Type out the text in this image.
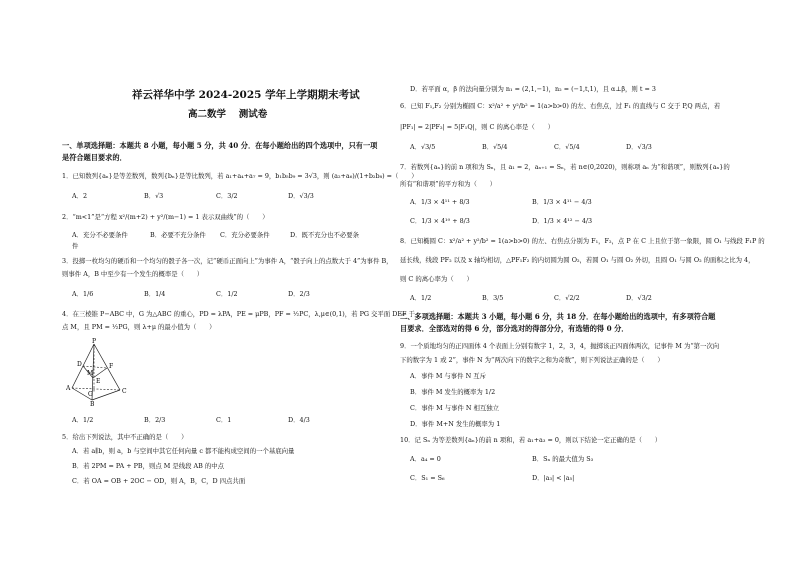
祥云祥华中学 2024-2025 学年上学期期末考试
高二数学　 测试卷
一、单项选择题：本题共 8 小题，每小题 5 分，共 40 分．在每小题给出的四个选项中，只有一项
是符合题目要求的．
1．已知数列{aₙ}是等差数列，数列{bₙ}是等比数列，若 a₁+a₄+a₇ = 9，b₁b₅b₉ = 3√3，则 (a₂+a₆)/(1+b₂b₈) =（　　）
A．2	B．√3	C．3/2	D．√3/3
2．“m<1”是“方程 x²/(m+2) + y²/(m−1) = 1 表示双曲线”的（　　）
A．充分不必要条件	B．必要不充分条件 C．充分必要条件	D．既不充分也不必要条
件
3．投掷一枚均匀的硬币和一个均匀的骰子各一次，记“硬币正面向上”为事件 A，“骰子向上的点数大于 4”为事件 B，
则事件 A，B 中至少有一个发生的概率是（　　）
A．1/6	B．1/4	C．1/2	D．2/3
4．在三棱锥 P−ABC 中，G 为△ABC 的重心，PD = λPA，PE = μPB，PF = ½PC，λ,μ∈(0,1)，若 PG 交平面 DEF 于
点 M，且 PM = ½PG，则 λ+μ 的最小值为（　　）
P
D
E
F
M
A
G	C
B
A．1/2	B．2/3	C．1	D．4/3
5．给出下列说法，其中不正确的是（　　）
A．若 a∥b，则 a，b 与空间中其它任何向量 c 都不能构成空间的一个基底向量
B．若 2PM = PA + PB，则点 M 是线段 AB 的中点
C．若 OA = OB + 2OC − OD，则 A，B，C，D 四点共面
D．若平面 α，β 的法向量分别为 n₁ = (2,1,−1)，n₂ = (−1,t,1)，且 α⊥β，则 t = 3
6．已知 F₁,F₂ 分别为椭圆 C：x²/a² + y²/b² = 1(a>b>0) 的左、右焦点，过 F₁ 的直线与 C 交于 P,Q 两点，若
|PF₁| = 2|PF₂| = 5|F₁Q|，则 C 的离心率是（　　）
A．√3/5	B．√5/4	C．√5/4	D．√3/3
7．若数列{aₙ}的前 n 项和为 Sₙ，且 a₁ = 2，aₙ₊₁ = Sₙ，若 n∈(0,2020)，则称项 aₙ 为“和谐项”，则数列{aₙ}的
所有“和谐项”的平方和为（　　）
A．1/3 × 4¹¹ + 8/3	B．1/3 × 4¹¹ − 4/3
C．1/3 × 4¹⁰ + 8/3	D．1/3 × 4¹² − 4/3
8．已知椭圆 C：x²/a² + y²/b² = 1(a>b>0) 的左、右焦点分别为 F₁，F₂，点 P 在 C 上且位于第一象限，圆 O₁ 与线段 F₁P 的
延长线，线段 PF₂ 以及 x 轴均相切，△PF₁F₂ 的内切圆为圆 O₂，若圆 O₁ 与圆 O₂ 外切，且圆 O₁ 与圆 O₂ 的面积之比为 4，
则 C 的离心率为（　　）
A．1/2	B．3/5	C．√2/2	D．√3/2
二、多项选择题：本题共 3 小题，每小题 6 分，共 18 分．在每小题给出的选项中，有多项符合题
目要求．全部选对的得 6 分，部分选对的得部分分，有选错的得 0 分．
9．一个质地均匀的正四面体 4 个表面上分别有数字 1，2，3，4，抛掷该正四面体两次，记事件 M 为“第一次向
下的数字为 1 或 2”，事件 N 为“两次向下的数字之和为奇数”，则下列说法正确的是（　　）
A．事件 M 与事件 N 互斥
B．事件 M 发生的概率为 1/2
C．事件 M 与事件 N 相互独立
D．事件 M+N 发生的概率为 1
10．记 Sₙ 为等差数列{aₙ}的前 n 项和，若 a₁+a₃ = 0，则以下结论一定正确的是（　　）
A．a₄ = 0	B．Sₙ 的最大值为 S₃
C．S₁ = S₆	D．|a₃| < |a₅|
